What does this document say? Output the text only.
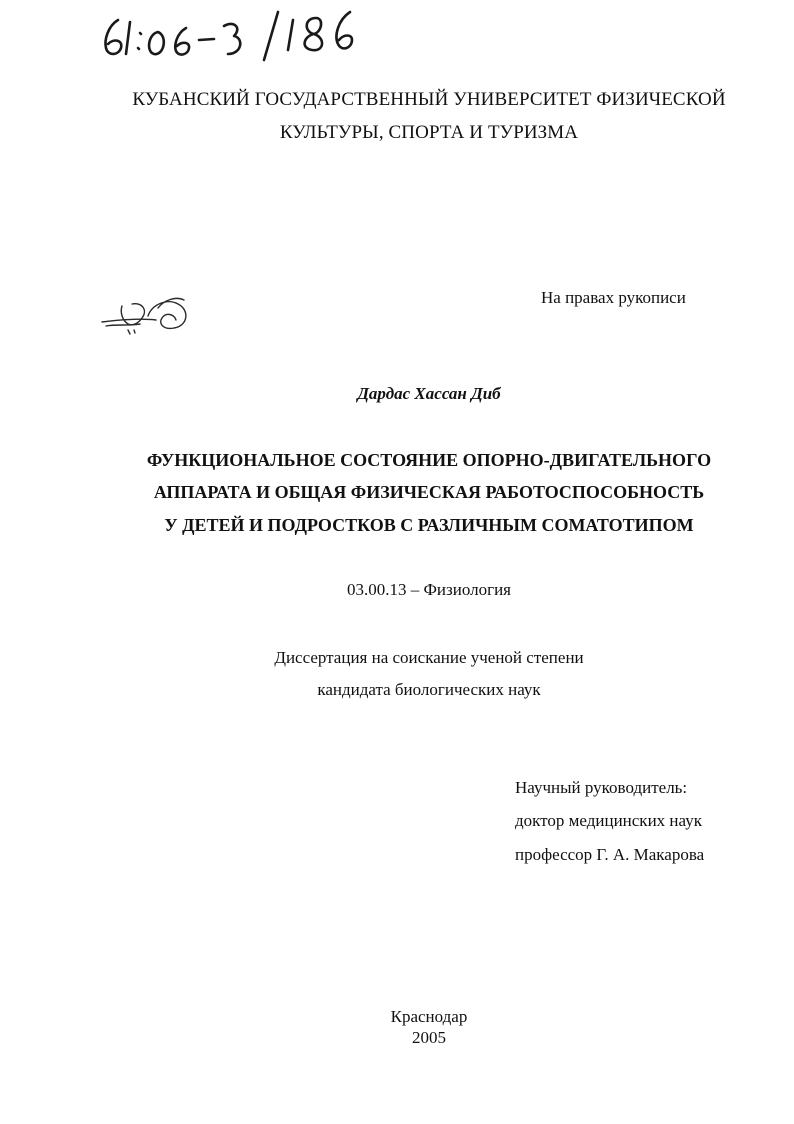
КУБАНСКИЙ ГОСУДАРСТВЕННЫЙ УНИВЕРСИТЕТ ФИЗИЧЕСКОЙ
КУЛЬТУРЫ, СПОРТА И ТУРИЗМА
На правах рукописи
Дардас Хассан Диб
ФУНКЦИОНАЛЬНОЕ СОСТОЯНИЕ ОПОРНО-ДВИГАТЕЛЬНОГО
АППАРАТА И ОБЩАЯ ФИЗИЧЕСКАЯ РАБОТОСПОСОБНОСТЬ
У ДЕТЕЙ И ПОДРОСТКОВ С РАЗЛИЧНЫМ СОМАТОТИПОМ
03.00.13 – Физиология
Диссертация на соискание ученой степени
кандидата биологических наук
Научный руководитель:
доктор медицинских наук
профессор Г. А. Макарова
Краснодар
2005
